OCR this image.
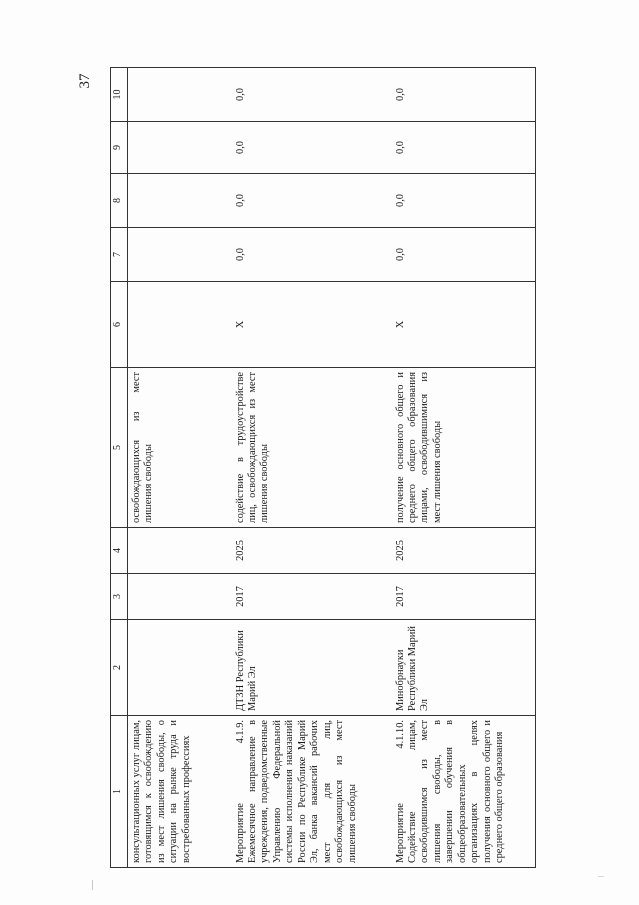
37
1	2	3	4	5	6	7	8	9	10
консультационных услуг лицам, готовящимся к освобождению из мест лишения свободы, о ситуации на рынке труда и востребованных профессиях				освобождающихся из мест лишения свободы					
Мероприятие 4.1.9. Ежемесячное направление в учреждения, подведомственные Управлению Федеральной системы исполнения наказаний России по Республике Марий Эл, банка вакансий рабочих мест для лиц, освобождающихся из мест лишения свободы	ДТЗН Республики Марий Эл	2017	2025	содействие в трудоустройстве лиц, освобождающихся из мест лишения свободы	X	0,0	0,0	0,0	0,0
Мероприятие 4.1.10. Содействие лицам, освободившимся из мест лишения свободы, в завершении обучения в общеобразовательных организациях в целях получения основного общего и среднего общего образования	Минобрнауки Республики Марий Эл	2017	2025	получение основного общего и среднего общего образования лицами, освободившимися из мест лишения свободы	X	0,0	0,0	0,0	0,0
